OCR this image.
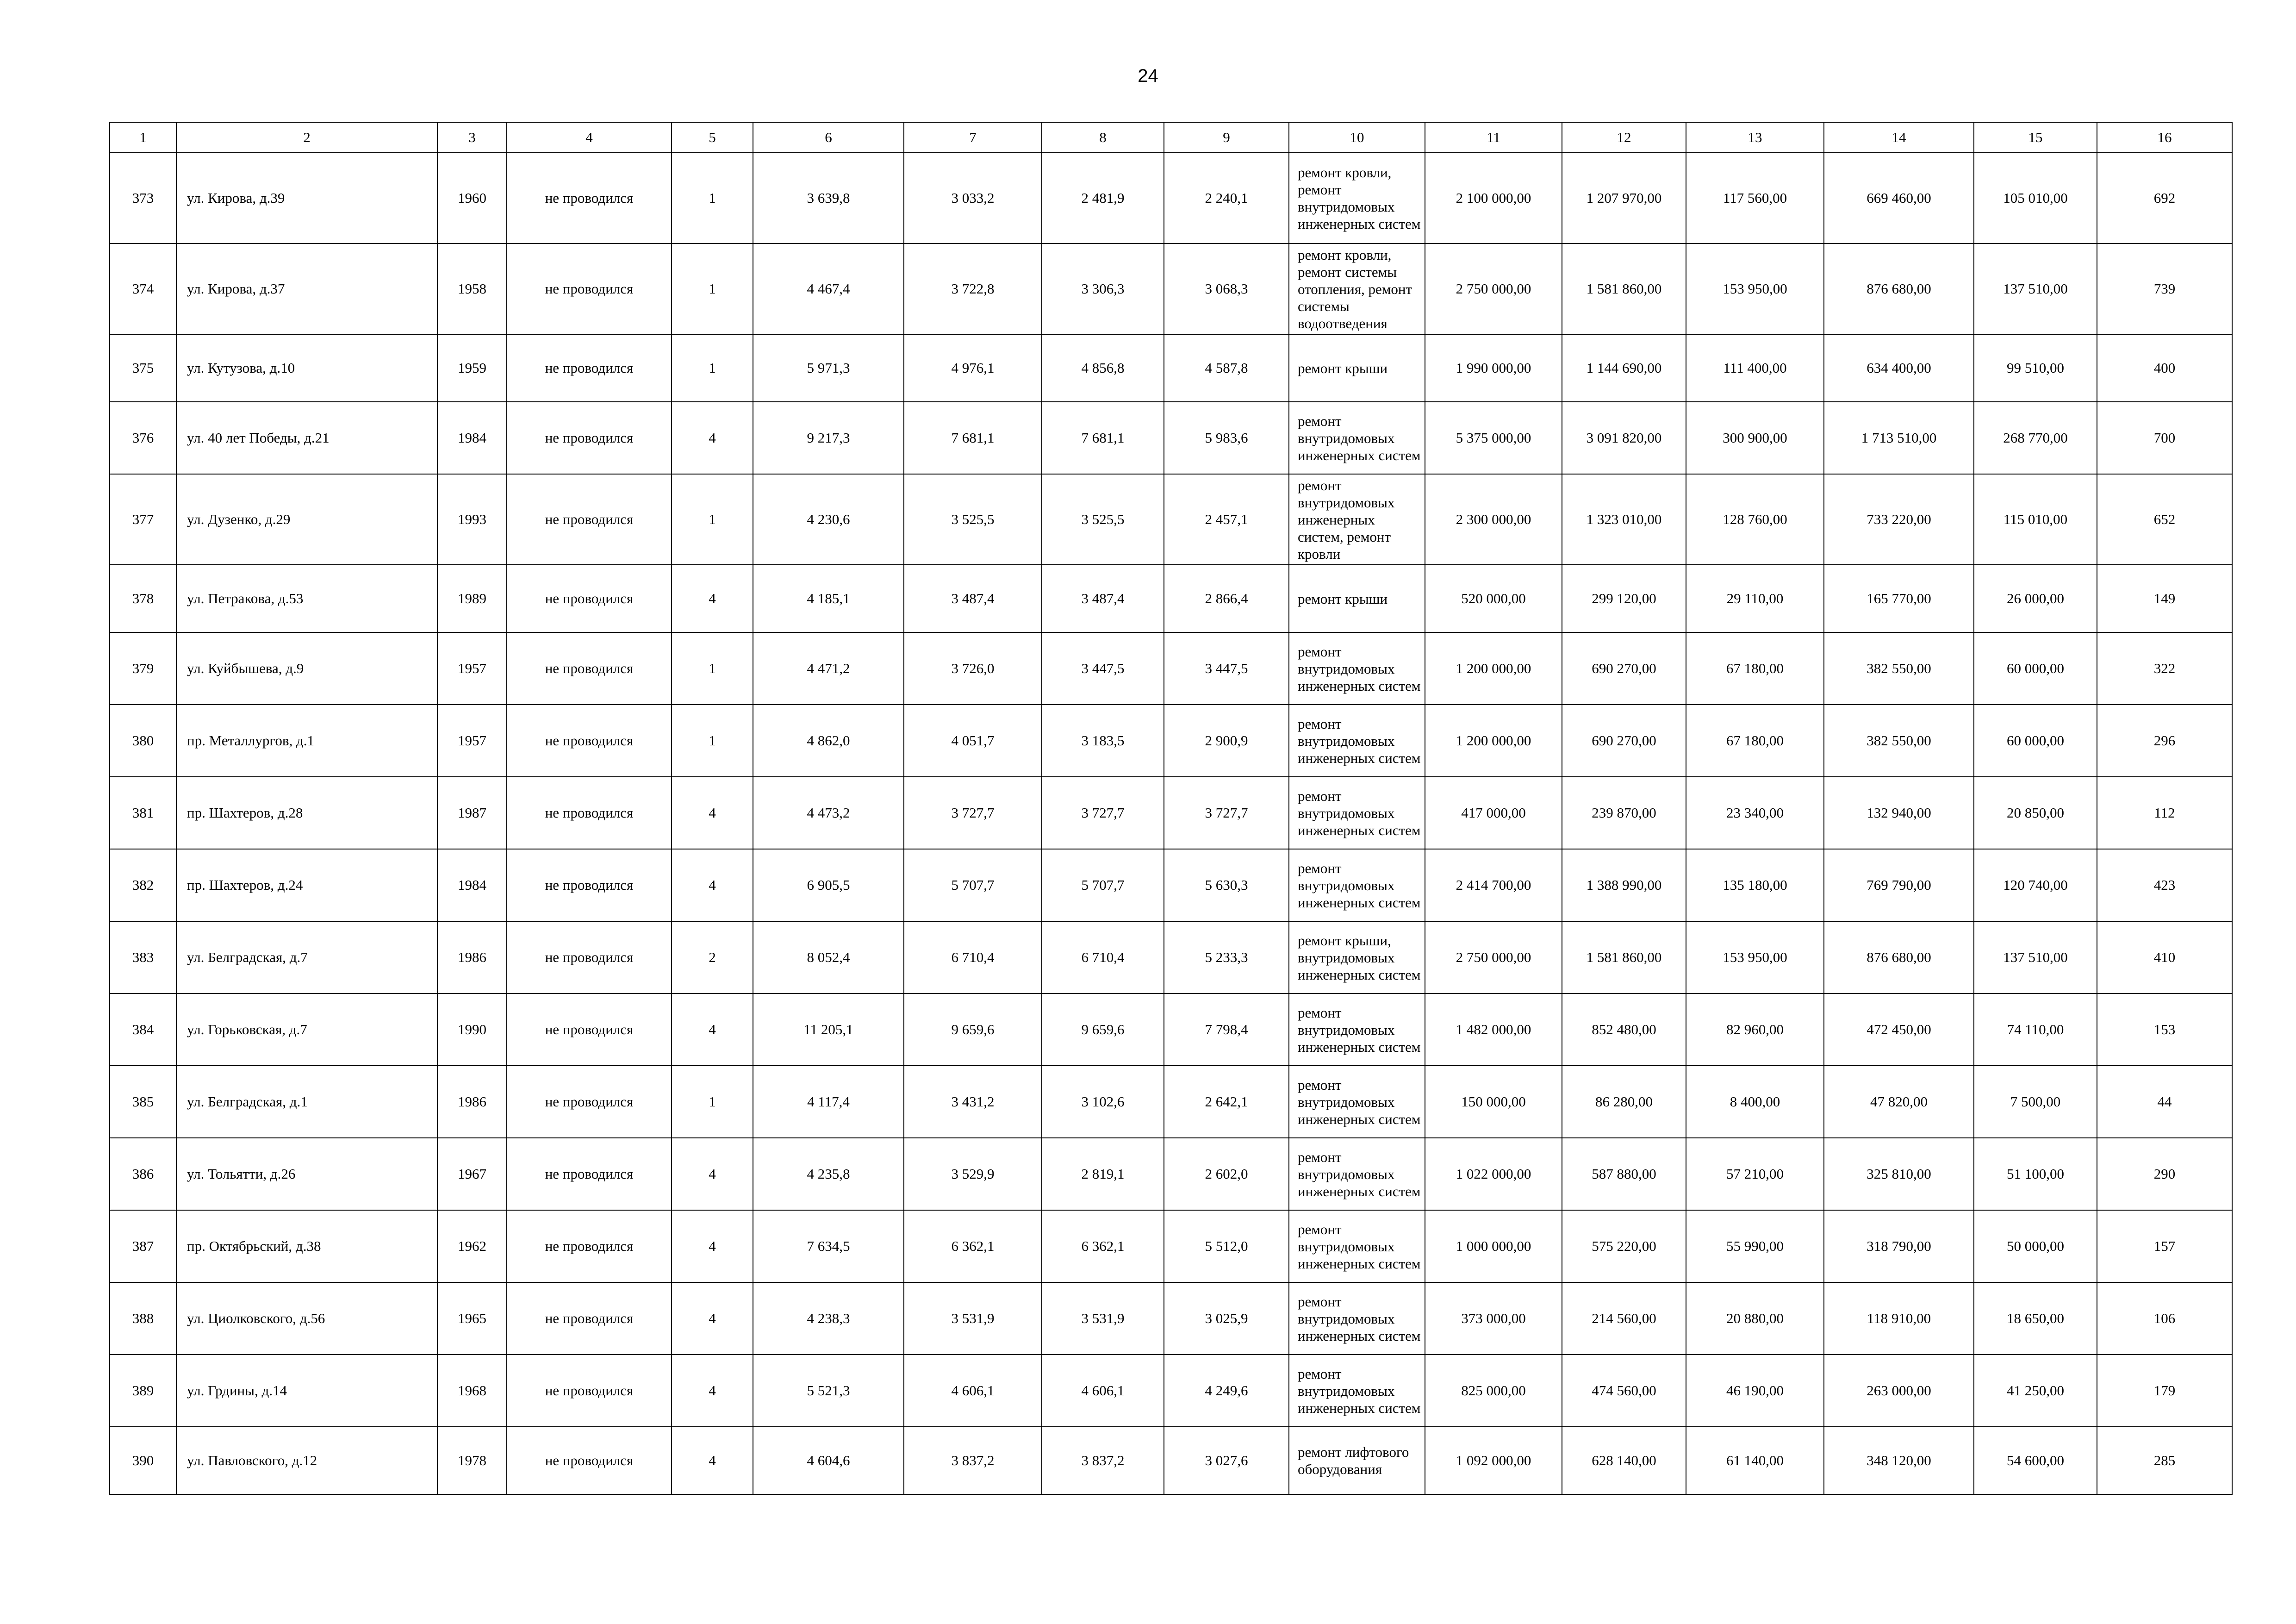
24
1	2	3	4	5	6	7	8	9	10	11	12	13	14	15	16
373	ул. Кирова, д.39	1960	не проводился	1	3 639,8	3 033,2	2 481,9	2 240,1	ремонт кровли, ремонт внутридомовых инженерных систем	2 100 000,00	1 207 970,00	117 560,00	669 460,00	105 010,00	692
374	ул. Кирова, д.37	1958	не проводился	1	4 467,4	3 722,8	3 306,3	3 068,3	ремонт кровли, ремонт системы отопления, ремонт системы водоотведения	2 750 000,00	1 581 860,00	153 950,00	876 680,00	137 510,00	739
375	ул. Кутузова, д.10	1959	не проводился	1	5 971,3	4 976,1	4 856,8	4 587,8	ремонт крыши	1 990 000,00	1 144 690,00	111 400,00	634 400,00	99 510,00	400
376	ул. 40 лет Победы, д.21	1984	не проводился	4	9 217,3	7 681,1	7 681,1	5 983,6	ремонт внутридомовых инженерных систем	5 375 000,00	3 091 820,00	300 900,00	1 713 510,00	268 770,00	700
377	ул. Дузенко, д.29	1993	не проводился	1	4 230,6	3 525,5	3 525,5	2 457,1	ремонт внутридомовых инженерных систем, ремонт кровли	2 300 000,00	1 323 010,00	128 760,00	733 220,00	115 010,00	652
378	ул. Петракова, д.53	1989	не проводился	4	4 185,1	3 487,4	3 487,4	2 866,4	ремонт крыши	520 000,00	299 120,00	29 110,00	165 770,00	26 000,00	149
379	ул. Куйбышева, д.9	1957	не проводился	1	4 471,2	3 726,0	3 447,5	3 447,5	ремонт внутридомовых инженерных систем	1 200 000,00	690 270,00	67 180,00	382 550,00	60 000,00	322
380	пр. Металлургов, д.1	1957	не проводился	1	4 862,0	4 051,7	3 183,5	2 900,9	ремонт внутридомовых инженерных систем	1 200 000,00	690 270,00	67 180,00	382 550,00	60 000,00	296
381	пр. Шахтеров, д.28	1987	не проводился	4	4 473,2	3 727,7	3 727,7	3 727,7	ремонт внутридомовых инженерных систем	417 000,00	239 870,00	23 340,00	132 940,00	20 850,00	112
382	пр. Шахтеров, д.24	1984	не проводился	4	6 905,5	5 707,7	5 707,7	5 630,3	ремонт внутридомовых инженерных систем	2 414 700,00	1 388 990,00	135 180,00	769 790,00	120 740,00	423
383	ул. Белградская, д.7	1986	не проводился	2	8 052,4	6 710,4	6 710,4	5 233,3	ремонт крыши, внутридомовых инженерных систем	2 750 000,00	1 581 860,00	153 950,00	876 680,00	137 510,00	410
384	ул. Горьковская, д.7	1990	не проводился	4	11 205,1	9 659,6	9 659,6	7 798,4	ремонт внутридомовых инженерных систем	1 482 000,00	852 480,00	82 960,00	472 450,00	74 110,00	153
385	ул. Белградская, д.1	1986	не проводился	1	4 117,4	3 431,2	3 102,6	2 642,1	ремонт внутридомовых инженерных систем	150 000,00	86 280,00	8 400,00	47 820,00	7 500,00	44
386	ул. Тольятти, д.26	1967	не проводился	4	4 235,8	3 529,9	2 819,1	2 602,0	ремонт внутридомовых инженерных систем	1 022 000,00	587 880,00	57 210,00	325 810,00	51 100,00	290
387	пр. Октябрьский, д.38	1962	не проводился	4	7 634,5	6 362,1	6 362,1	5 512,0	ремонт внутридомовых инженерных систем	1 000 000,00	575 220,00	55 990,00	318 790,00	50 000,00	157
388	ул. Циолковского, д.56	1965	не проводился	4	4 238,3	3 531,9	3 531,9	3 025,9	ремонт внутридомовых инженерных систем	373 000,00	214 560,00	20 880,00	118 910,00	18 650,00	106
389	ул. Грдины, д.14	1968	не проводился	4	5 521,3	4 606,1	4 606,1	4 249,6	ремонт внутридомовых инженерных систем	825 000,00	474 560,00	46 190,00	263 000,00	41 250,00	179
390	ул. Павловского, д.12	1978	не проводился	4	4 604,6	3 837,2	3 837,2	3 027,6	ремонт лифтового оборудования	1 092 000,00	628 140,00	61 140,00	348 120,00	54 600,00	285
